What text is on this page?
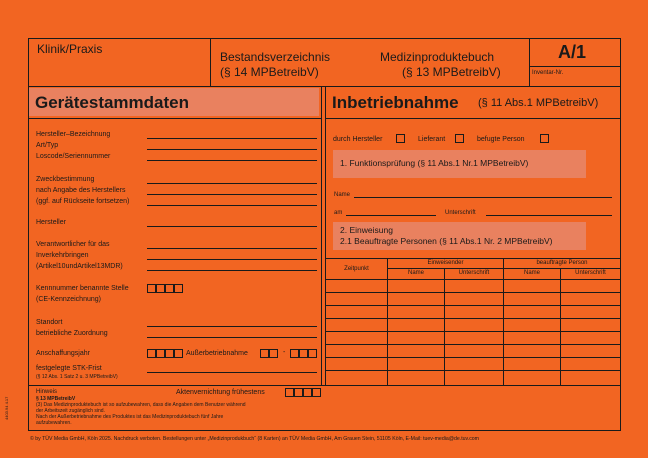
Klinik/Praxis
Bestandsverzeichnis
(§ 14 MPBetreibV)
Medizinproduktebuch
(§ 13 MPBetreibV)
A/1
Inventar-Nr.
Gerätestammdaten
Hersteller–Bezeichnung
Art/Typ
Loscode/Seriennummer
Zweckbestimmung
nach Angabe des Herstellers
(ggf. auf Rückseite fortsetzen)
Hersteller
Verantwortlicher für das
Inverkehrbringen
(Artikel10undArtikel13MDR)
Kennnummer benannte Stelle
(CE-Kennzeichnung)
Standort
betriebliche Zuordnung
Anschaffungsjahr	Außerbetriebnahme	-
festgelegte STK-Frist
(§ 12 Abs. 1 Satz 2 u. 3 MPBetreibV)
Hinweis
§ 13 MPBetreibV
(3) Das Medizinproduktebuch ist so aufzubewahren, dass die Angaben dem Benutzer während
der Arbeitszeit zugänglich sind.
Nach der Außerbetriebnahme des Produktes ist das Medizinproduktebuch fünf Jahre
aufzubewahren.
Aktenvernichtung frühestens
Inbetriebnahme (§ 11 Abs.1 MPBetreibV)
durch Hersteller	Lieferant	befugte Person
1. Funktionsprüfung (§ 11 Abs.1 Nr.1 MPBetreibV)
Name
am	Unterschrift
2. Einweisung
2.1 Beauftragte Personen (§ 11 Abs.1 Nr. 2 MPBetreibV)
Zeitpunkt
Einweisender	beauftragte Person
Name	Unterschrift	Name	Unterschrift
© by TÜV Media GmbH, Köln 2025. Nachdruck verboten. Bestellungen unter „Medizinprodukbuch“ (8 Karten) an TÜV Media GmbH, Am Grauen Stein, 51105 Köln, E-Mail: tuev-media@de.tuv.com
4403.94 4.17
